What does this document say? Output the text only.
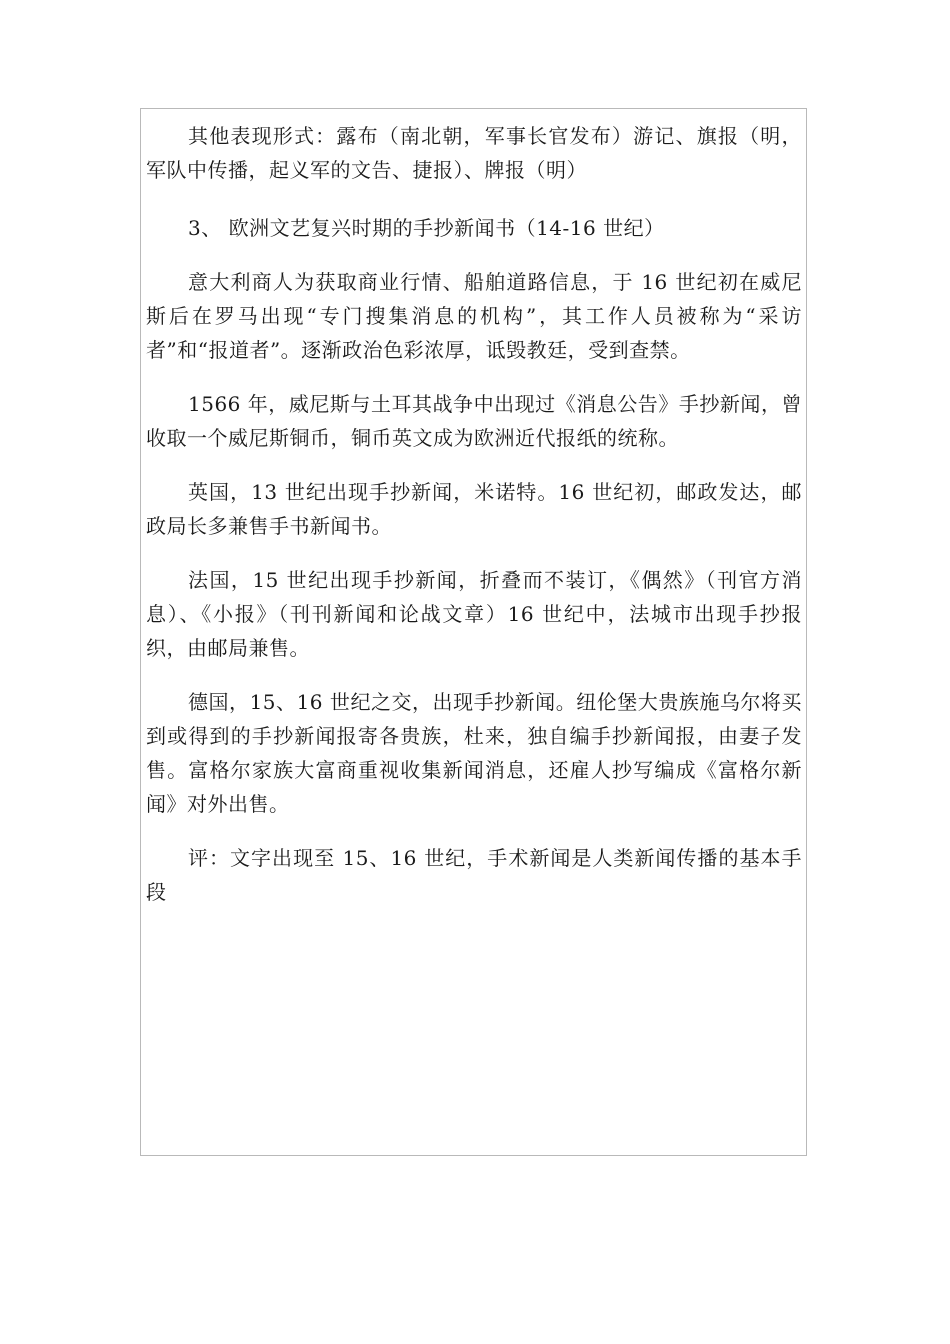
其他表现形式：露布（南北朝，军事长官发布）游记、旗报（明，军队中传播，起义军的文告、捷报）、牌报（明）

3、 欧洲文艺复兴时期的手抄新闻书（14-16 世纪）

意大利商人为获取商业行情、船舶道路信息，于 16 世纪初在威尼斯后在罗马出现“专门搜集消息的机构”，其工作人员被称为“采访者”和“报道者”。逐渐政治色彩浓厚，诋毁教廷，受到查禁。

1566 年，威尼斯与土耳其战争中出现过《消息公告》手抄新闻，曾收取一个威尼斯铜币，铜币英文成为欧洲近代报纸的统称。

英国，13 世纪出现手抄新闻，米诺特。16 世纪初，邮政发达，邮政局长多兼售手书新闻书。

法国，15 世纪出现手抄新闻，折叠而不装订，《偶然》（刊官方消息）、《小报》（刊刊新闻和论战文章）16 世纪中，法城市出现手抄报织，由邮局兼售。

德国，15、16 世纪之交，出现手抄新闻。纽伦堡大贵族施乌尔将买到或得到的手抄新闻报寄各贵族，杜来，独自编手抄新闻报，由妻子发售。富格尔家族大富商重视收集新闻消息，还雇人抄写编成《富格尔新闻》对外出售。

评：文字出现至 15、16 世纪，手术新闻是人类新闻传播的基本手段
